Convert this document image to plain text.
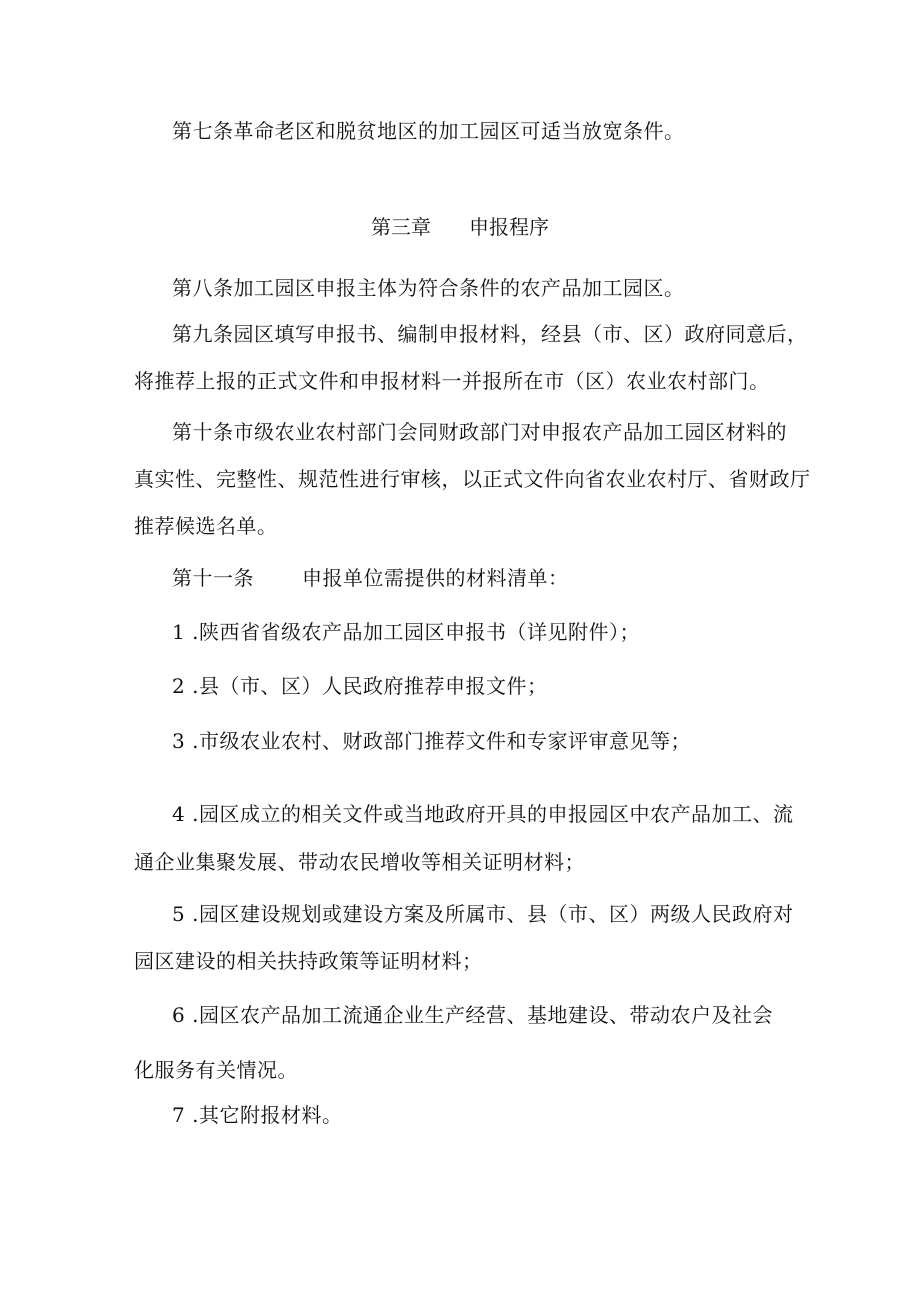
第七条革命老区和脱贫地区的加工园区可适当放宽条件。
第三章 申报程序
第八条加工园区申报主体为符合条件的农产品加工园区。
第九条园区填写申报书、编制申报材料，经县（市、区）政府同意后，
将推荐上报的正式文件和申报材料一并报所在市（区）农业农村部门。
第十条市级农业农村部门会同财政部门对申报农产品加工园区材料的
真实性、完整性、规范性进行审核，以正式文件向省农业农村厅、省财政厅
推荐候选名单。
第十一条 申报单位需提供的材料清单：
1 .陕西省省级农产品加工园区申报书（详见附件）；
2 .县（市、区）人民政府推荐申报文件；
3 .市级农业农村、财政部门推荐文件和专家评审意见等；
4 .园区成立的相关文件或当地政府开具的申报园区中农产品加工、流
通企业集聚发展、带动农民增收等相关证明材料；
5 .园区建设规划或建设方案及所属市、县（市、区）两级人民政府对
园区建设的相关扶持政策等证明材料；
6 .园区农产品加工流通企业生产经营、基地建设、带动农户及社会
化服务有关情况。
7 .其它附报材料。
